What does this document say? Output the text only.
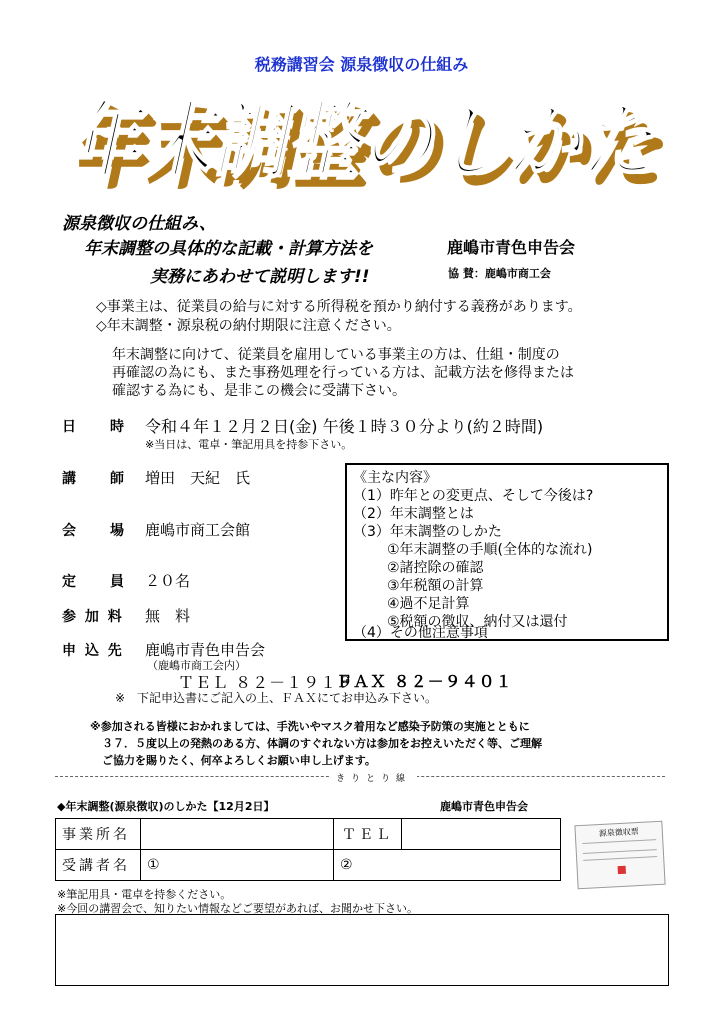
税務講習会 源泉徴収の仕組み
年末調整のしかた
年末調整のしかた
源泉徴収の仕組み、
年末調整の具体的な記載・計算方法を
実務にあわせて説明します!!
鹿嶋市青色申告会
協 賛：鹿嶋市商工会
◇事業主は、従業員の給与に対する所得税を預かり納付する義務があります。
◇年末調整・源泉税の納付期限に注意ください。
年末調整に向けて、従業員を雇用している事業主の方は、仕組・制度の
再確認の為にも、また事務処理を行っている方は、記載方法を修得または
確認する為にも、是非この機会に受講下さい。
日　　時 令和４年１２月２日(金) 午後１時３０分より(約２時間)
※当日は、電卓・筆記用具を持参下さい。
講　　師 増田　天紀　氏
会　　場 鹿嶋市商工会館
定　　員 ２０名
参 加 料 無　料
申 込 先 鹿嶋市青色申告会
（鹿嶋市商工会内）
ＴＥＬ ８２－１９１９
ＦＡＸ ８２－９４０１
※　下記申込書にご記入の上、ＦＡＸにてお申込み下さい。
《主な内容》
（1）昨年との変更点、そして今後は?
（2）年末調整とは
（3）年末調整のしかた
①年末調整の手順(全体的な流れ)
②諸控除の確認
③年税額の計算
④過不足計算
⑤税額の徴収、納付又は還付
（4）その他注意事項
※参加される皆様におかれましては、手洗いやマスク着用など感染予防策の実施とともに
３７．５度以上の発熱のある方、体調のすぐれない方は参加をお控えいただく等、ご理解
ご協力を賜りたく、何卒よろしくお願い申し上げます。
きりとり線
◆年末調整(源泉徴収)のしかた【12月2日】	鹿嶋市青色申告会
事業所名		ＴＥＬ	
受講者名	①	②	
源泉徴収票
※筆記用具・電卓を持参ください。
※今回の講習会で、知りたい情報などご要望があれば、お聞かせ下さい。
